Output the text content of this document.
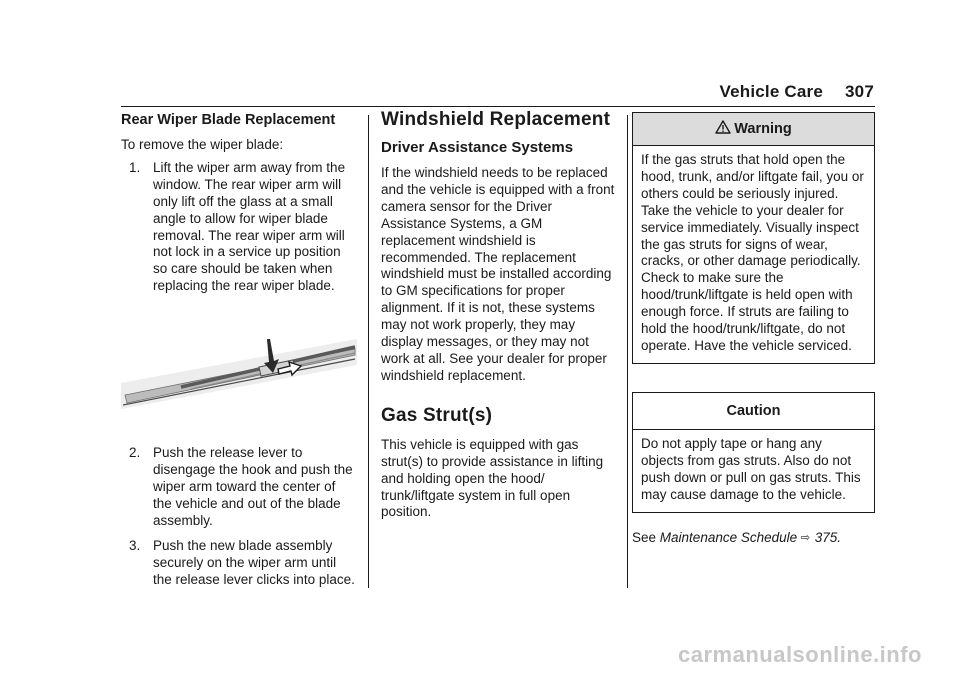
Vehicle Care 307
Rear Wiper Blade Replacement

To remove the wiper blade:

1. Lift the wiper arm away from the window. The rear wiper arm will only lift off the glass at a small angle to allow for wiper blade removal. The rear wiper arm will not lock in a service up position so care should be taken when replacing the rear wiper blade.
2. Push the release lever to disengage the hook and push the wiper arm toward the center of the vehicle and out of the blade assembly.
3. Push the new blade assembly securely on the wiper arm until the release lever clicks into place.
Windshield Replacement
Driver Assistance Systems

If the windshield needs to be replaced and the vehicle is equipped with a front camera sensor for the Driver Assistance Systems, a GM replacement windshield is recommended. The replacement windshield must be installed according to GM specifications for proper alignment. If it is not, these systems may not work properly, they may display messages, or they may not work at all. See your dealer for proper windshield replacement.

Gas Strut(s)

This vehicle is equipped with gas strut(s) to provide assistance in lifting and holding open the hood/ trunk/liftgate system in full open position.

Warning

If the gas struts that hold open the hood, trunk, and/or liftgate fail, you or others could be seriously injured. Take the vehicle to your dealer for service immediately. Visually inspect the gas struts for signs of wear, cracks, or other damage periodically. Check to make sure the hood/trunk/liftgate is held open with enough force. If struts are failing to hold the hood/trunk/liftgate, do not operate. Have the vehicle serviced.

Caution

Do not apply tape or hang any objects from gas struts. Also do not push down or pull on gas struts. This may cause damage to the vehicle.

See Maintenance Schedule ⇨ 375.

carmanualsonline.info
